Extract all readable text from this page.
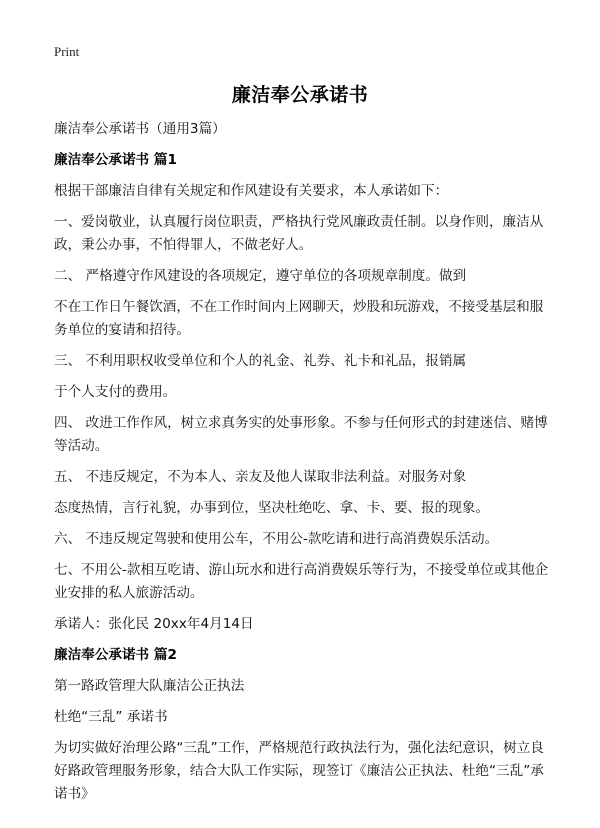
Print
廉洁奉公承诺书

廉洁奉公承诺书（通用3篇）

廉洁奉公承诺书 篇1

根据干部廉洁自律有关规定和作风建设有关要求，本人承诺如下：

一、爱岗敬业，认真履行岗位职责，严格执行党风廉政责任制。以身作则，廉洁从政，秉公办事，不怕得罪人，不做老好人。

二、 严格遵守作风建设的各项规定，遵守单位的各项规章制度。做到

不在工作日午餐饮酒，不在工作时间内上网聊天，炒股和玩游戏，不接受基层和服务单位的宴请和招待。

三、 不利用职权收受单位和个人的礼金、礼券、礼卡和礼品，报销属

于个人支付的费用。

四、 改进工作作风，树立求真务实的处事形象。不参与任何形式的封建迷信、赌博等活动。

五、 不违反规定，不为本人、亲友及他人谋取非法利益。对服务对象

态度热情，言行礼貌，办事到位，坚决杜绝吃、拿、卡、要、报的现象。

六、 不违反规定驾驶和使用公车，不用公-款吃请和进行高消费娱乐活动。

七、不用公-款相互吃请、游山玩水和进行高消费娱乐等行为，不接受单位或其他企业安排的私人旅游活动。

承诺人：张化民 20xx年4月14日

廉洁奉公承诺书 篇2

第一路政管理大队廉洁公正执法

杜绝“三乱” 承诺书

为切实做好治理公路“三乱”工作，严格规范行政执法行为，强化法纪意识，树立良好路政管理服务形象，结合大队工作实际，现签订《廉洁公正执法、杜绝“三乱”承诺书》
